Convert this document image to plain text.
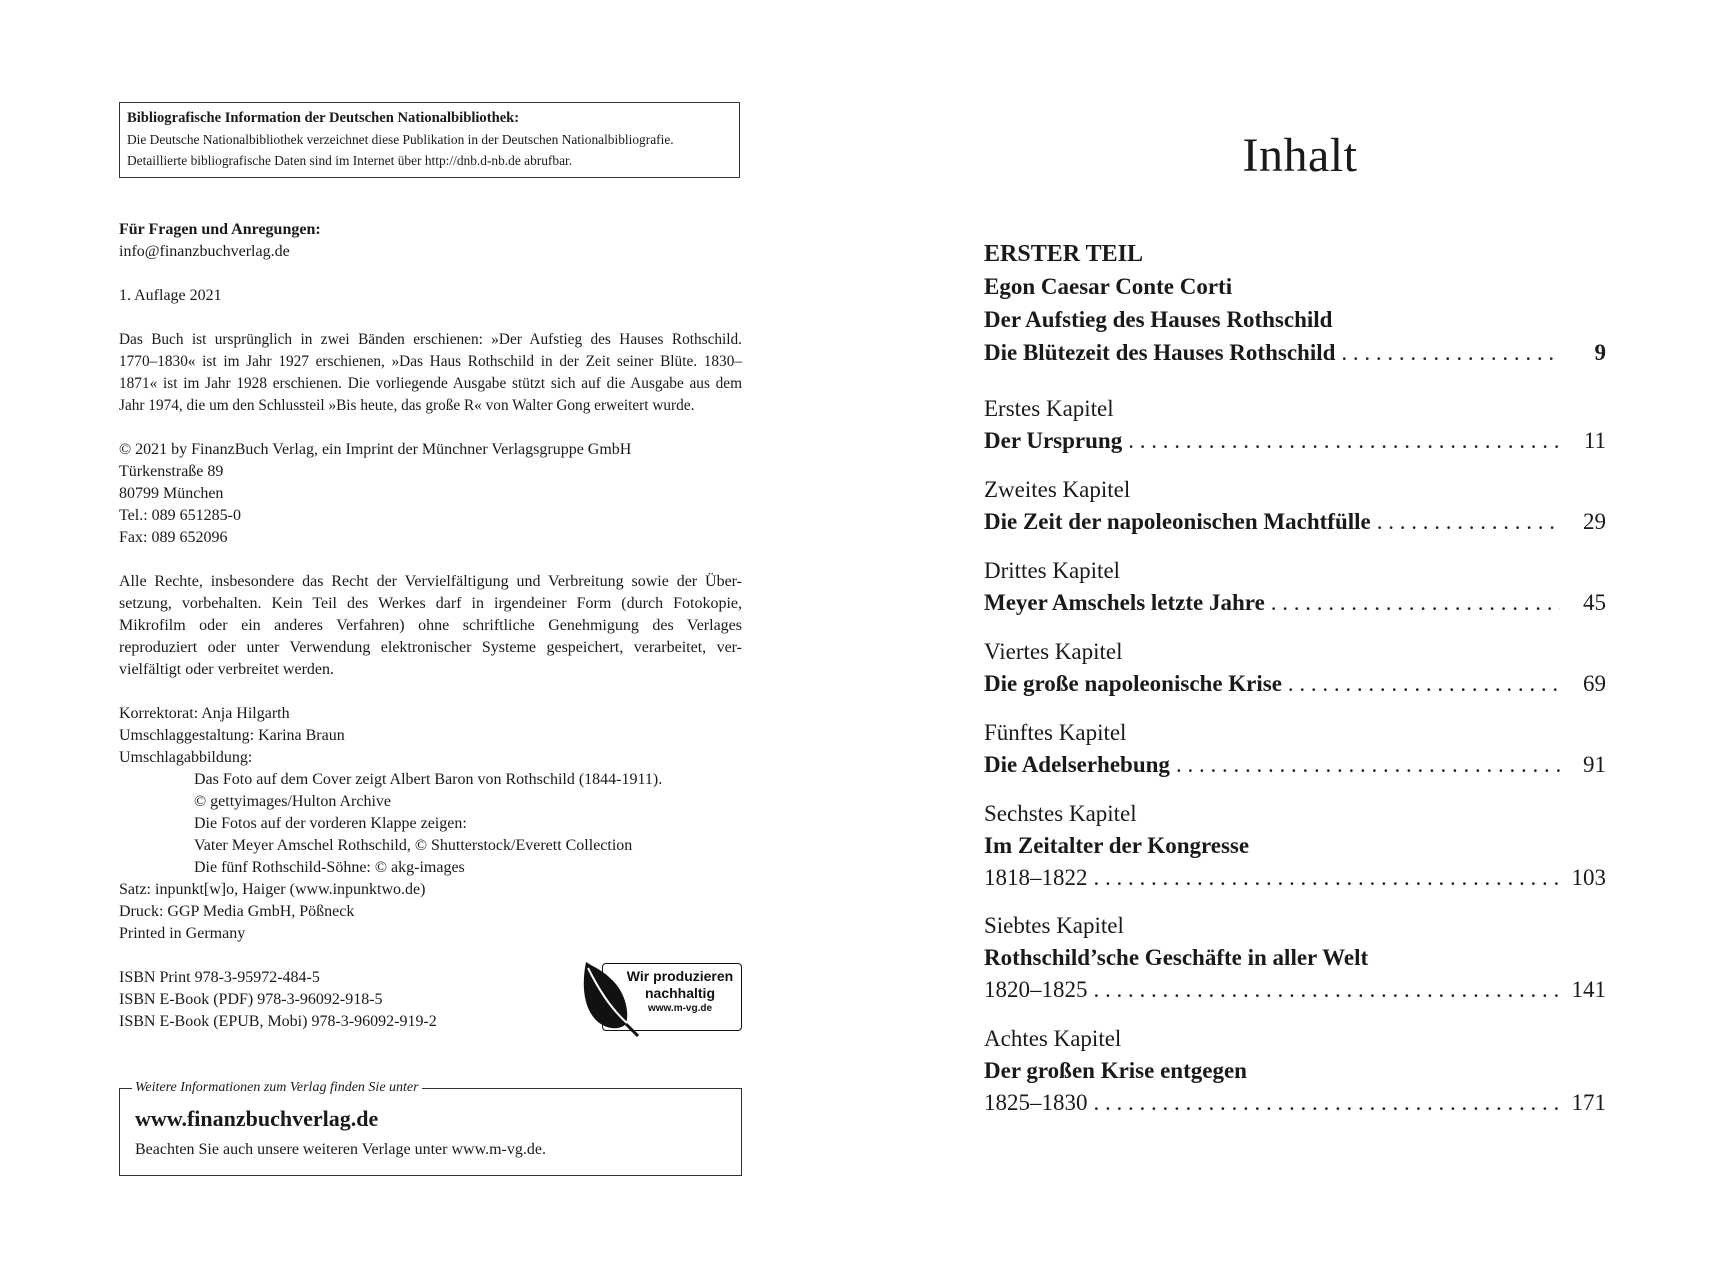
Bibliografische Information der Deutschen Nationalbibliothek:
Die Deutsche Nationalbibliothek verzeichnet diese Publikation in der Deutschen Nationalbibliografie.
Detaillierte bibliografische Daten sind im Internet über http://dnb.d-nb.de abrufbar.
Für Fragen und Anregungen:
info@finanzbuchverlag.de
1. Auflage 2021
Das Buch ist ursprünglich in zwei Bänden erschienen: »Der Aufstieg des Hauses Rothschild.
1770–1830« ist im Jahr 1927 erschienen, »Das Haus Rothschild in der Zeit seiner Blüte. 1830–
1871« ist im Jahr 1928 erschienen. Die vorliegende Ausgabe stützt sich auf die Ausgabe aus dem
Jahr 1974, die um den Schlussteil »Bis heute, das große R« von Walter Gong erweitert wurde.
© 2021 by FinanzBuch Verlag, ein Imprint der Münchner Verlagsgruppe GmbH
Türkenstraße 89
80799 München
Tel.: 089 651285-0
Fax: 089 652096
Alle Rechte, insbesondere das Recht der Vervielfältigung und Verbreitung sowie der Über-
setzung, vorbehalten. Kein Teil des Werkes darf in irgendeiner Form (durch Fotokopie,
Mikrofilm oder ein anderes Verfahren) ohne schriftliche Genehmigung des Verlages
reproduziert oder unter Verwendung elektronischer Systeme gespeichert, verarbeitet, ver-
vielfältigt oder verbreitet werden.
Korrektorat: Anja Hilgarth
Umschlaggestaltung: Karina Braun
Umschlagabbildung:
Das Foto auf dem Cover zeigt Albert Baron von Rothschild (1844-1911).
© gettyimages/Hulton Archive
Die Fotos auf der vorderen Klappe zeigen:
Vater Meyer Amschel Rothschild, © Shutterstock/Everett Collection
Die fünf Rothschild-Söhne: © akg-images
Satz: inpunkt[w]o, Haiger (www.inpunktwo.de)
Druck: GGP Media GmbH, Pößneck
Printed in Germany
ISBN Print 978-3-95972-484-5
ISBN E-Book (PDF) 978-3-96092-918-5
ISBN E-Book (EPUB, Mobi) 978-3-96092-919-2
Wir produzieren
nachhaltig
www.m-vg.de
Weitere Informationen zum Verlag finden Sie unter
www.finanzbuchverlag.de
Beachten Sie auch unsere weiteren Verlage unter www.m-vg.de.
Inhalt
ERSTER TEIL
Egon Caesar Conte Corti
Der Aufstieg des Hauses Rothschild
Die Blütezeit des Hauses Rothschild . . .	9
Erstes Kapitel
Der Ursprung . . .	11
Zweites Kapitel
Die Zeit der napoleonischen Machtfülle . . .	29
Drittes Kapitel
Meyer Amschels letzte Jahre . . .	45
Viertes Kapitel
Die große napoleonische Krise . . .	69
Fünftes Kapitel
Die Adelserhebung . . .	91
Sechstes Kapitel
Im Zeitalter der Kongresse
1818–1822 . . .	103
Siebtes Kapitel
Rothschild’sche Geschäfte in aller Welt
1820–1825 . . .	141
Achtes Kapitel
Der großen Krise entgegen
1825–1830 . . .	171
